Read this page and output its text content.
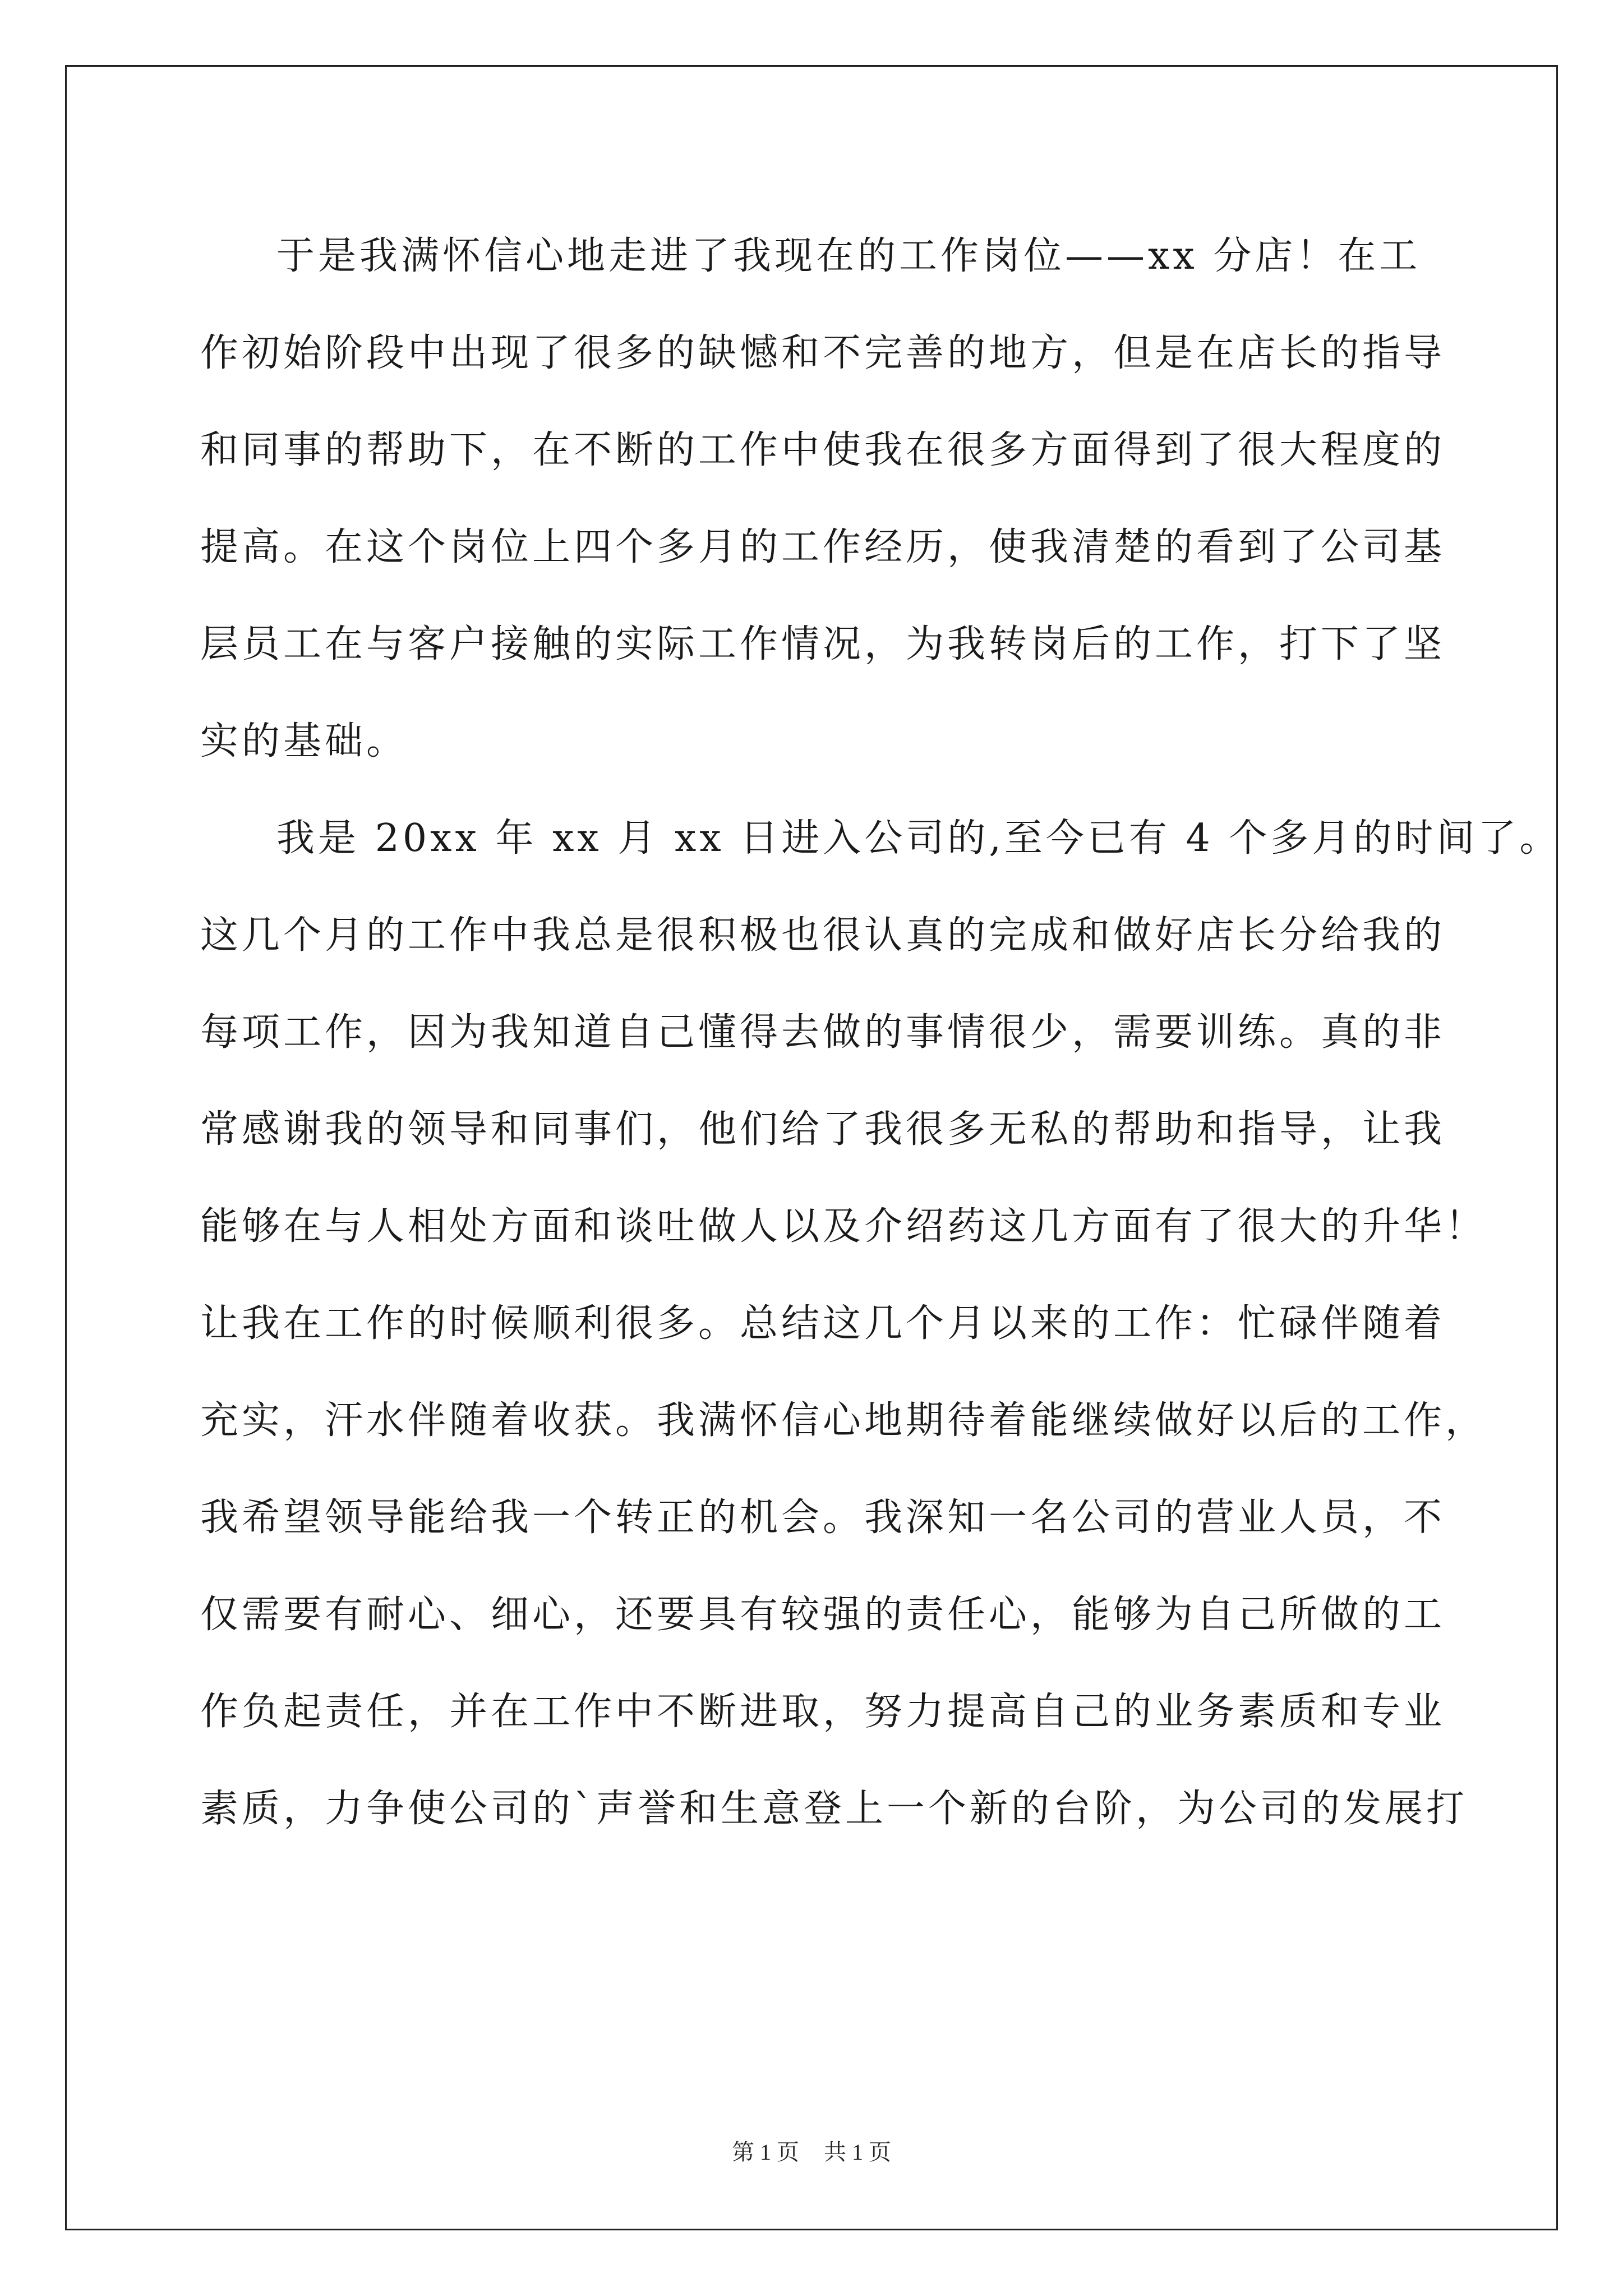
于是我满怀信心地走进了我现在的工作岗位——xx 分店！在工
作初始阶段中出现了很多的缺憾和不完善的地方，但是在店长的指导
和同事的帮助下，在不断的工作中使我在很多方面得到了很大程度的
提高。在这个岗位上四个多月的工作经历，使我清楚的看到了公司基
层员工在与客户接触的实际工作情况，为我转岗后的工作，打下了坚
实的基础。
我是 20xx 年 xx 月 xx 日进入公司的,至今已有 4 个多月的时间了。
这几个月的工作中我总是很积极也很认真的完成和做好店长分给我的
每项工作，因为我知道自己懂得去做的事情很少，需要训练。真的非
常感谢我的领导和同事们，他们给了我很多无私的帮助和指导，让我
能够在与人相处方面和谈吐做人以及介绍药这几方面有了很大的升华！
让我在工作的时候顺利很多。总结这几个月以来的工作：忙碌伴随着
充实，汗水伴随着收获。我满怀信心地期待着能继续做好以后的工作，
我希望领导能给我一个转正的机会。我深知一名公司的营业人员，不
仅需要有耐心、细心，还要具有较强的责任心，能够为自己所做的工
作负起责任，并在工作中不断进取，努力提高自己的业务素质和专业
素质，力争使公司的`声誉和生意登上一个新的台阶，为公司的发展打
第 1 页 共 1 页
